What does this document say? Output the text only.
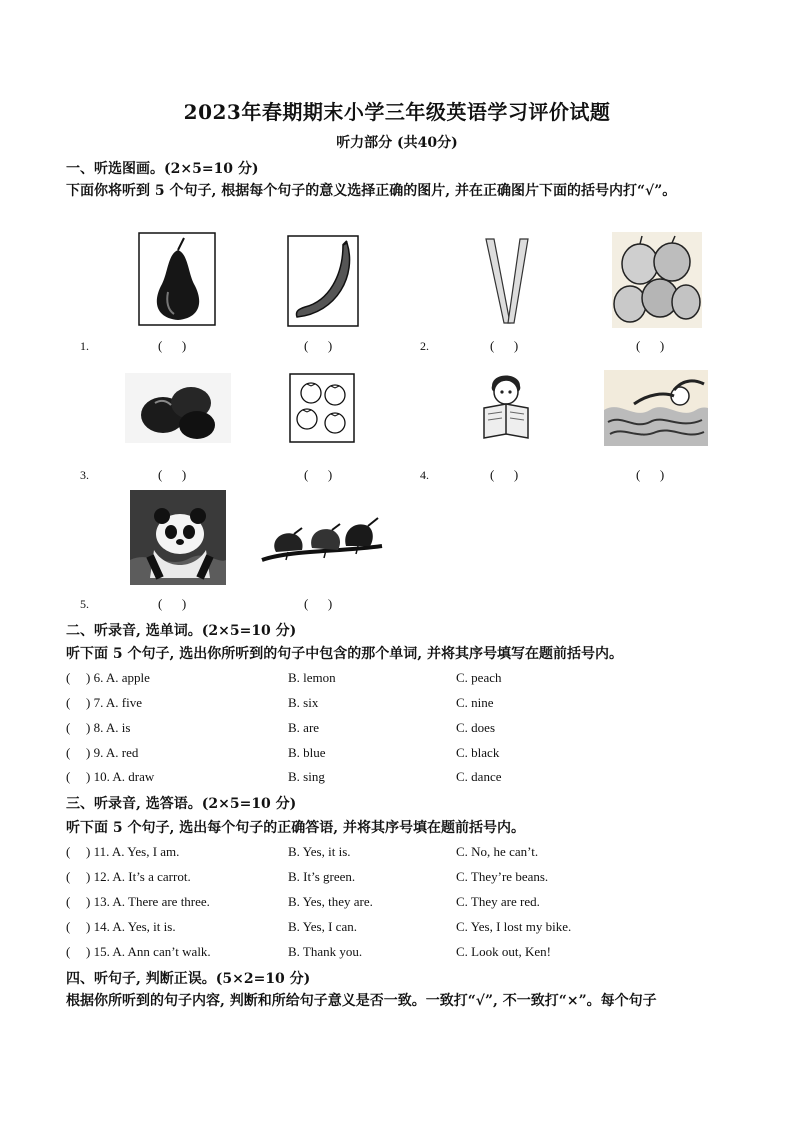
2023年春期期末小学三年级英语学习评价试题
听力部分 (共40分)
一、听选图画。(2×5=10 分)
下面你将听到 5 个句子, 根据每个句子的意义选择正确的图片, 并在正确图片下面的括号内打“√”。
1.	(      )	(      )	2.	(      )	(      )
3.	(      )	(      )	4.	(      )	(      )
5.	(      )	(      )
二、听录音, 选单词。(2×5=10 分)
听下面 5 个句子, 选出你所听到的句子中包含的那个单词, 并将其序号填写在题前括号内。
( ) 6. A. apple	B. lemon	C. peach
( ) 7. A. five	B. six	C. nine
( ) 8. A. is	B. are	C. does
( ) 9. A. red	B. blue	C. black
( ) 10. A. draw	B. sing	C. dance
三、听录音, 选答语。(2×5=10 分)
听下面 5 个句子, 选出每个句子的正确答语, 并将其序号填在题前括号内。
( ) 11. A. Yes, I am.	B. Yes, it is.	C. No, he can’t.
( ) 12. A. It’s a carrot.	B. It’s green.	C. They’re beans.
( ) 13. A. There are three.	B. Yes, they are.	C. They are red.
( ) 14. A. Yes, it is.	B. Yes, I can.	C. Yes, I lost my bike.
( ) 15. A. Ann can’t walk.	B. Thank you.	C. Look out, Ken!
四、听句子, 判断正误。(5×2=10 分)
根据你所听到的句子内容, 判断和所给句子意义是否一致。一致打“√”, 不一致打“×”。每个句子
